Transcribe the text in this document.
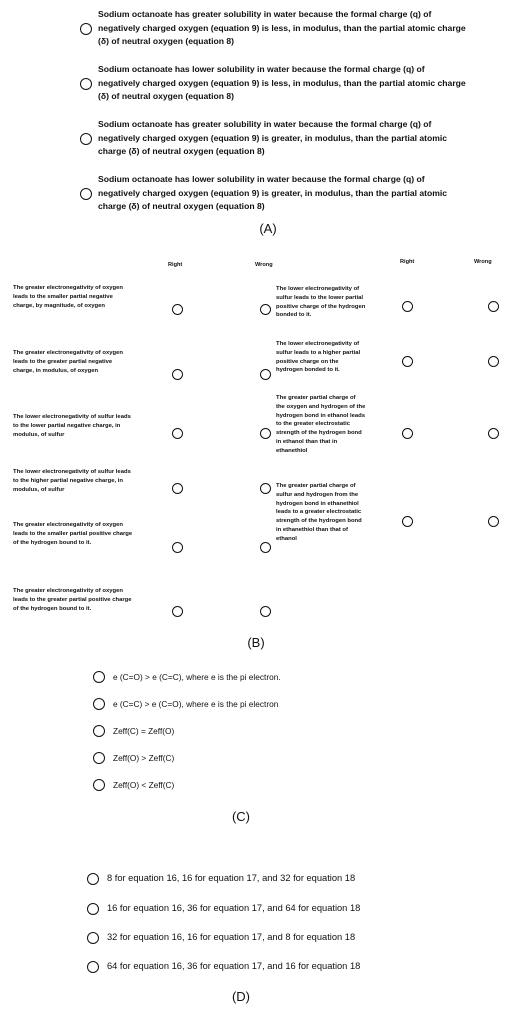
Sodium octanoate has greater solubility in water because the formal charge (q) of negatively charged oxygen (equation 9) is less, in modulus, than the partial atomic charge (δ) of neutral oxygen (equation 8)
Sodium octanoate has lower solubility in water because the formal charge (q) of negatively charged oxygen (equation 9) is less, in modulus, than the partial atomic charge (δ) of neutral oxygen (equation 8)
Sodium octanoate has greater solubility in water because the formal charge (q) of negatively charged oxygen (equation 9) is greater, in modulus, than the partial atomic charge (δ) of neutral oxygen (equation 8)
Sodium octanoate has lower solubility in water because the formal charge (q) of negatively charged oxygen (equation 9) is greater, in modulus, than the partial atomic charge (δ) of neutral oxygen (equation 8)
(A)
Right	Wrong	Right	Wrong
The greater electronegativity of oxygen leads to the smaller partial negative charge, by magnitude, of oxygen
The greater electronegativity of oxygen leads to the greater partial negative charge, in modulus, of oxygen
The lower electronegativity of sulfur leads to the lower partial negative charge, in modulus, of sulfur
The lower electronegativity of sulfur leads to the higher partial negative charge, in modulus, of sulfur
The greater electronegativity of oxygen leads to the smaller partial positive charge of the hydrogen bound to it.
The greater electronegativity of oxygen leads to the greater partial positive charge of the hydrogen bound to it.
The lower electronegativity of sulfur leads to the lower partial positive charge of the hydrogen bonded to it.
The lower electronegativity of sulfur leads to a higher partial positive charge on the hydrogen bonded to it.
The greater partial charge of the oxygen and hydrogen of the hydrogen bond in ethanol leads to the greater electrostatic strength of the hydrogen bond in ethanol than that in ethanethiol
The greater partial charge of sulfur and hydrogen from the hydrogen bond in ethanethiol leads to a greater electrostatic strength of the hydrogen bond in ethanethiol than that of ethanol
(B)
e (C=O) > e (C=C), where e is the pi electron.
e (C=C) > e (C=O), where e is the pi electron
Zeff(C) = Zeff(O)
Zeff(O) > Zeff(C)
Zeff(O) < Zeff(C)
(C)
8 for equation 16, 16 for equation 17, and 32 for equation 18
16 for equation 16, 36 for equation 17, and 64 for equation 18
32 for equation 16, 16 for equation 17, and 8 for equation 18
64 for equation 16, 36 for equation 17, and 16 for equation 18
(D)
